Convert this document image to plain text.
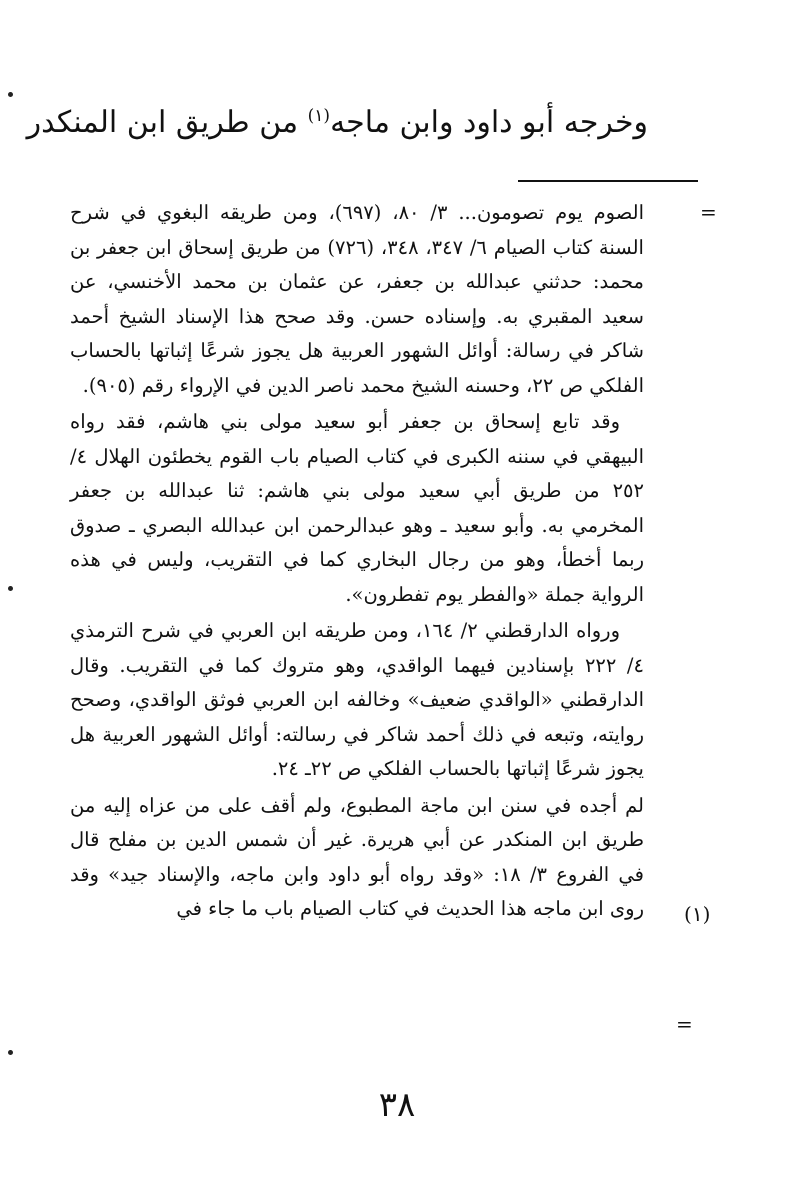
وخرجه أبو داود وابن ماجه$^{(١)}$ من طريق ابن المنكدر
=

الصوم يوم تصومون... ٣/ ٨٠، (٦٩٧)، ومن طريقه البغوي في شرح السنة كتاب الصيام ٦/ ٣٤٧، ٣٤٨، (٧٢٦) من طريق إسحاق ابن جعفر بن محمد: حدثني عبدالله بن جعفر، عن عثمان بن محمد الأخنسي، عن سعيد المقبري به. وإسناده حسن. وقد صحح هذا الإسناد الشيخ أحمد شاكر في رسالة: أوائل الشهور العربية هل يجوز شرعًا إثباتها بالحساب الفلكي ص ٢٢، وحسنه الشيخ محمد ناصر الدين في الإرواء رقم (٩٠٥).

وقد تابع إسحاق بن جعفر أبو سعيد مولى بني هاشم، فقد رواه البيهقي في سننه الكبرى في كتاب الصيام باب القوم يخطئون الهلال ٤/ ٢٥٢ من طريق أبي سعيد مولى بني هاشم: ثنا عبدالله بن جعفر المخرمي به. وأبو سعيد ـ وهو عبدالرحمن ابن عبدالله البصري ـ صدوق ربما أخطأ، وهو من رجال البخاري كما في التقريب، وليس في هذه الرواية جملة «والفطر يوم تفطرون».

ورواه الدارقطني ٢/ ١٦٤، ومن طريقه ابن العربي في شرح الترمذي ٤/ ٢٢٢ بإسنادين فيهما الواقدي، وهو متروك كما في التقريب. وقال الدارقطني «الواقدي ضعيف» وخالفه ابن العربي فوثق الواقدي، وصحح روايته، وتبعه في ذلك أحمد شاكر في رسالته: أوائل الشهور العربية هل يجوز شرعًا إثباتها بالحساب الفلكي ص ٢٢ـ ٢٤.

لم أجده في سنن ابن ماجة المطبوع، ولم أقف على من عزاه إليه من طريق ابن المنكدر عن أبي هريرة. غير أن شمس الدين بن مفلح قال في الفروع ٣/ ١٨: «وقد رواه أبو داود وابن ماجه، والإسناد جيد» وقد روى ابن ماجه هذا الحديث في كتاب الصيام باب ما جاء في (١)
=
٣٨
